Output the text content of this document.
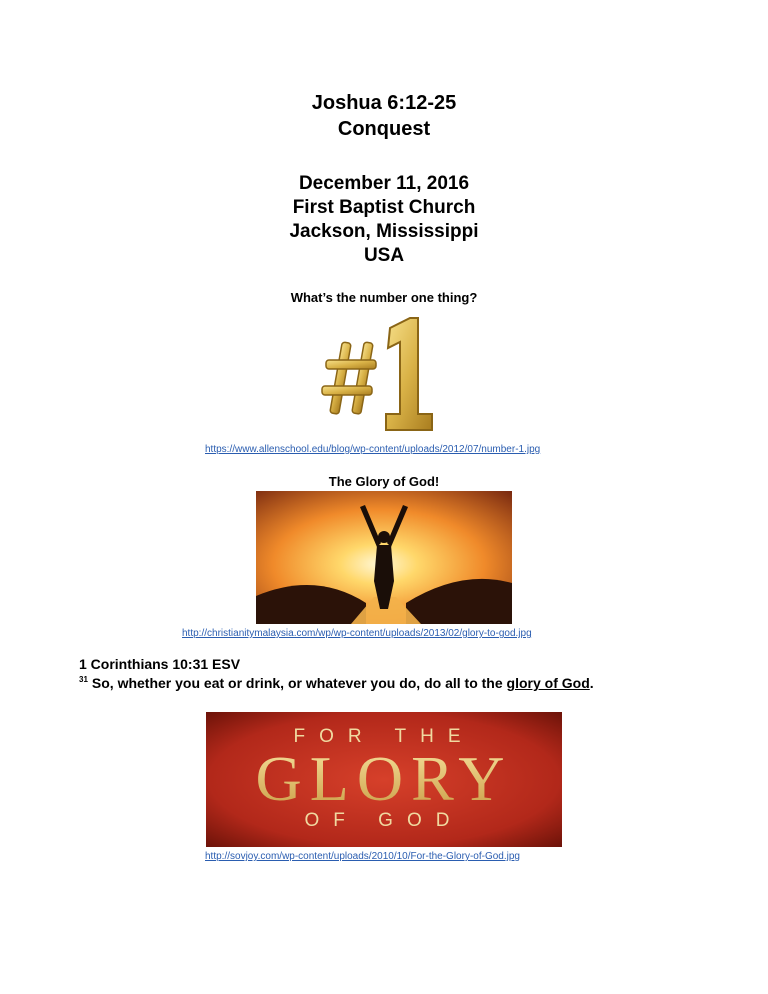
Joshua 6:12-25
Conquest
December 11, 2016
First Baptist Church
Jackson, Mississippi
USA
What’s the number one thing?
https://www.allenschool.edu/blog/wp-content/uploads/2012/07/number-1.jpg
The Glory of God!
http://christianitymalaysia.com/wp/wp-content/uploads/2013/02/glory-to-god.jpg
1 Corinthians 10:31 ESV
$^{31}$ So, whether you eat or drink, or whatever you do, do all to the glory of God.
FOR THE
GLORY
OF GOD
http://sovjoy.com/wp-content/uploads/2010/10/For-the-Glory-of-God.jpg
